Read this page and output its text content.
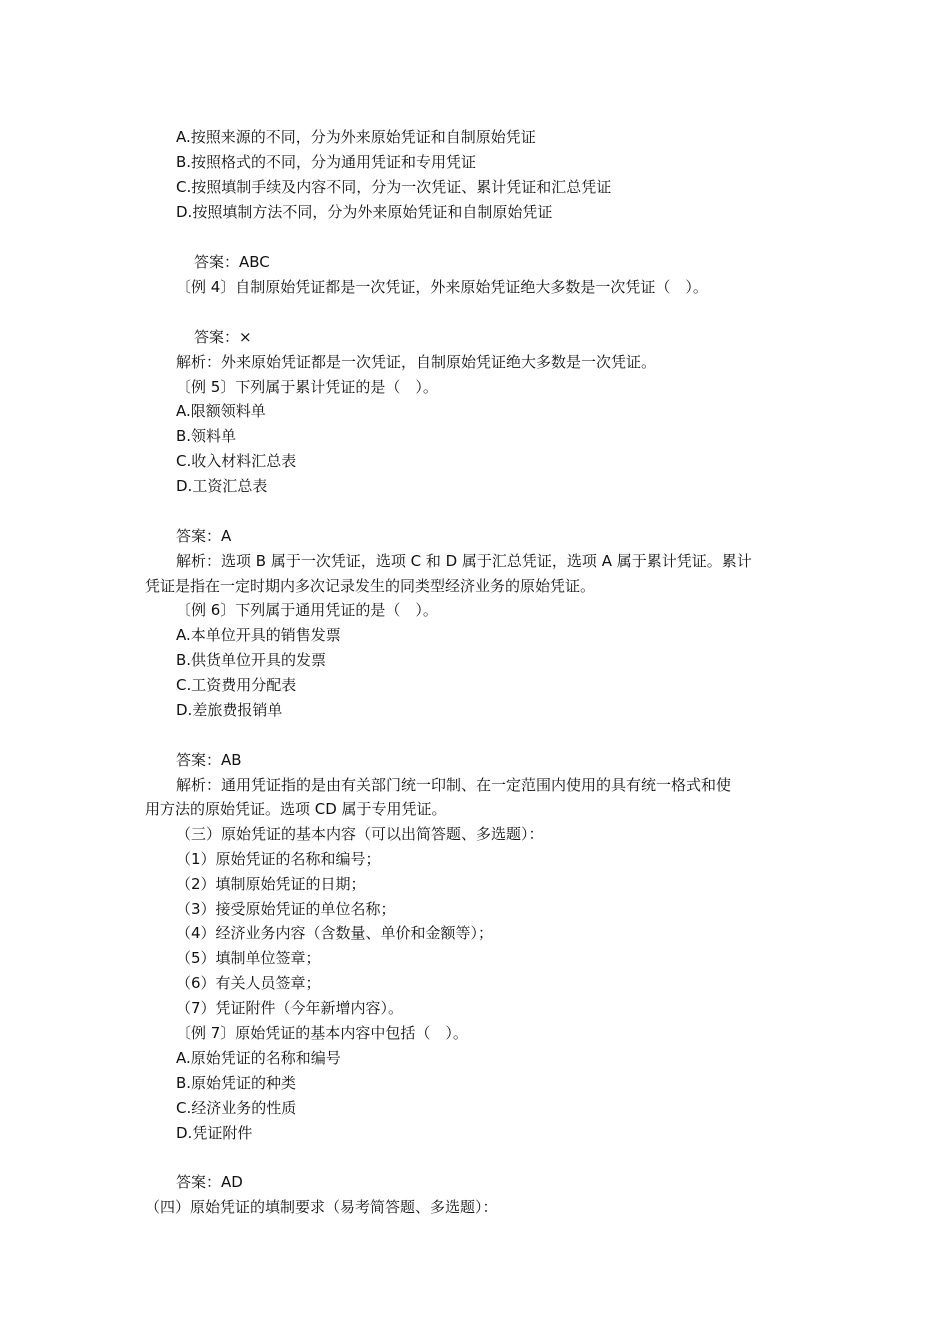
A.按照来源的不同，分为外来原始凭证和自制原始凭证
B.按照格式的不同，分为通用凭证和专用凭证
C.按照填制手续及内容不同，分为一次凭证、累计凭证和汇总凭证
D.按照填制方法不同，分为外来原始凭证和自制原始凭证
答案：ABC
〔例 4〕自制原始凭证都是一次凭证，外来原始凭证绝大多数是一次凭证（　）。
答案：×
解析：外来原始凭证都是一次凭证，自制原始凭证绝大多数是一次凭证。
〔例 5〕下列属于累计凭证的是（　）。
A.限额领料单
B.领料单
C.收入材料汇总表
D.工资汇总表
答案：A
解析：选项 B 属于一次凭证，选项 C 和 D 属于汇总凭证，选项 A 属于累计凭证。累计
凭证是指在一定时期内多次记录发生的同类型经济业务的原始凭证。
〔例 6〕下列属于通用凭证的是（　）。
A.本单位开具的销售发票
B.供货单位开具的发票
C.工资费用分配表
D.差旅费报销单
答案：AB
解析：通用凭证指的是由有关部门统一印制、在一定范围内使用的具有统一格式和使
用方法的原始凭证。选项 CD 属于专用凭证。
（三）原始凭证的基本内容（可以出简答题、多选题）：
（1）原始凭证的名称和编号；
（2）填制原始凭证的日期；
（3）接受原始凭证的单位名称；
（4）经济业务内容（含数量、单价和金额等）；
（5）填制单位签章；
（6）有关人员签章；
（7）凭证附件（今年新增内容）。
〔例 7〕原始凭证的基本内容中包括（　）。
A.原始凭证的名称和编号
B.原始凭证的种类
C.经济业务的性质
D.凭证附件
答案：AD
（四）原始凭证的填制要求（易考简答题、多选题）：
